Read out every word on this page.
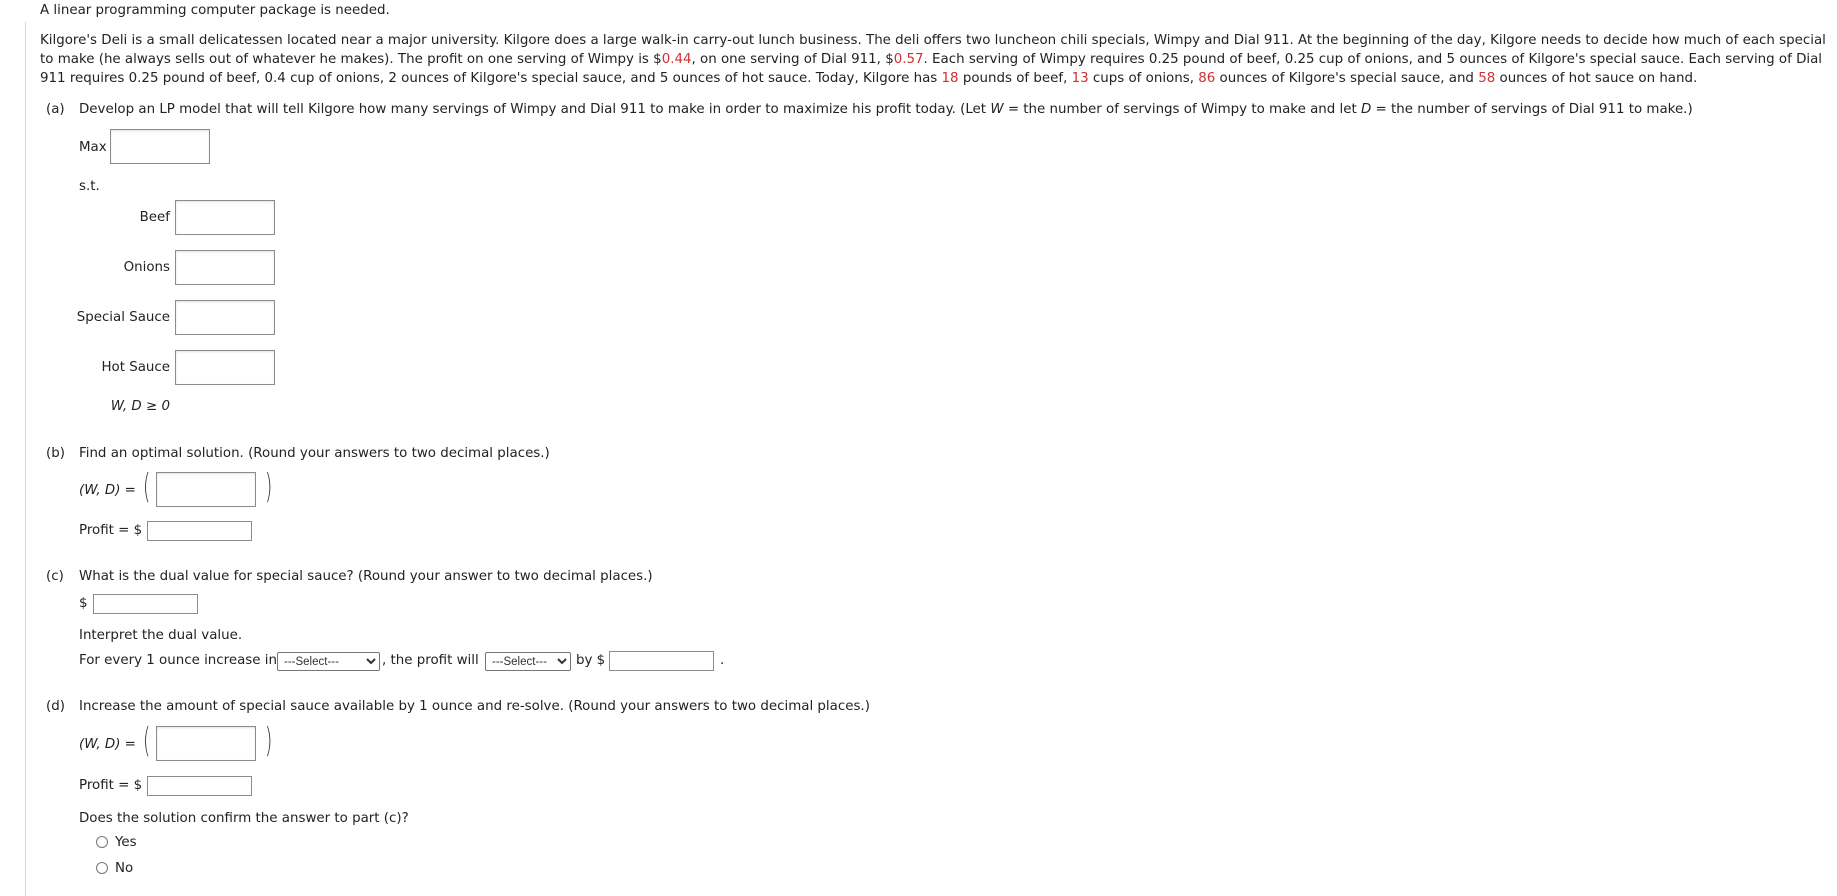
A linear programming computer package is needed.
Kilgore's Deli is a small delicatessen located near a major university. Kilgore does a large walk-in carry-out lunch business. The deli offers two luncheon chili specials, Wimpy and Dial 911. At the beginning of the day, Kilgore needs to decide how much of each special to make (he always sells out of whatever he makes). The profit on one serving of Wimpy is $0.44, on one serving of Dial 911, $0.57. Each serving of Wimpy requires 0.25 pound of beef, 0.25 cup of onions, and 5 ounces of Kilgore's special sauce. Each serving of Dial 911 requires 0.25 pound of beef, 0.4 cup of onions, 2 ounces of Kilgore's special sauce, and 5 ounces of hot sauce. Today, Kilgore has 18 pounds of beef, 13 cups of onions, 86 ounces of Kilgore's special sauce, and 58 ounces of hot sauce on hand.
(a) Develop an LP model that will tell Kilgore how many servings of Wimpy and Dial 911 to make in order to maximize his profit today. (Let W = the number of servings of Wimpy to make and let D = the number of servings of Dial 911 to make.)
Max
s.t.
Beef
Onions
Special Sauce
Hot Sauce
W, D ≥ 0
(b) Find an optimal solution. (Round your answers to two decimal places.)
(W, D) = (	)
Profit = $
(c) What is the dual value for special sauce? (Round your answer to two decimal places.)
$
Interpret the dual value.
For every 1 ounce increase in
---Select---	, the profit will
---Select---	by $	.
(d) Increase the amount of special sauce available by 1 ounce and re-solve. (Round your answers to two decimal places.)
(W, D) = (	)
Profit = $
Does the solution confirm the answer to part (c)?
Yes
No
